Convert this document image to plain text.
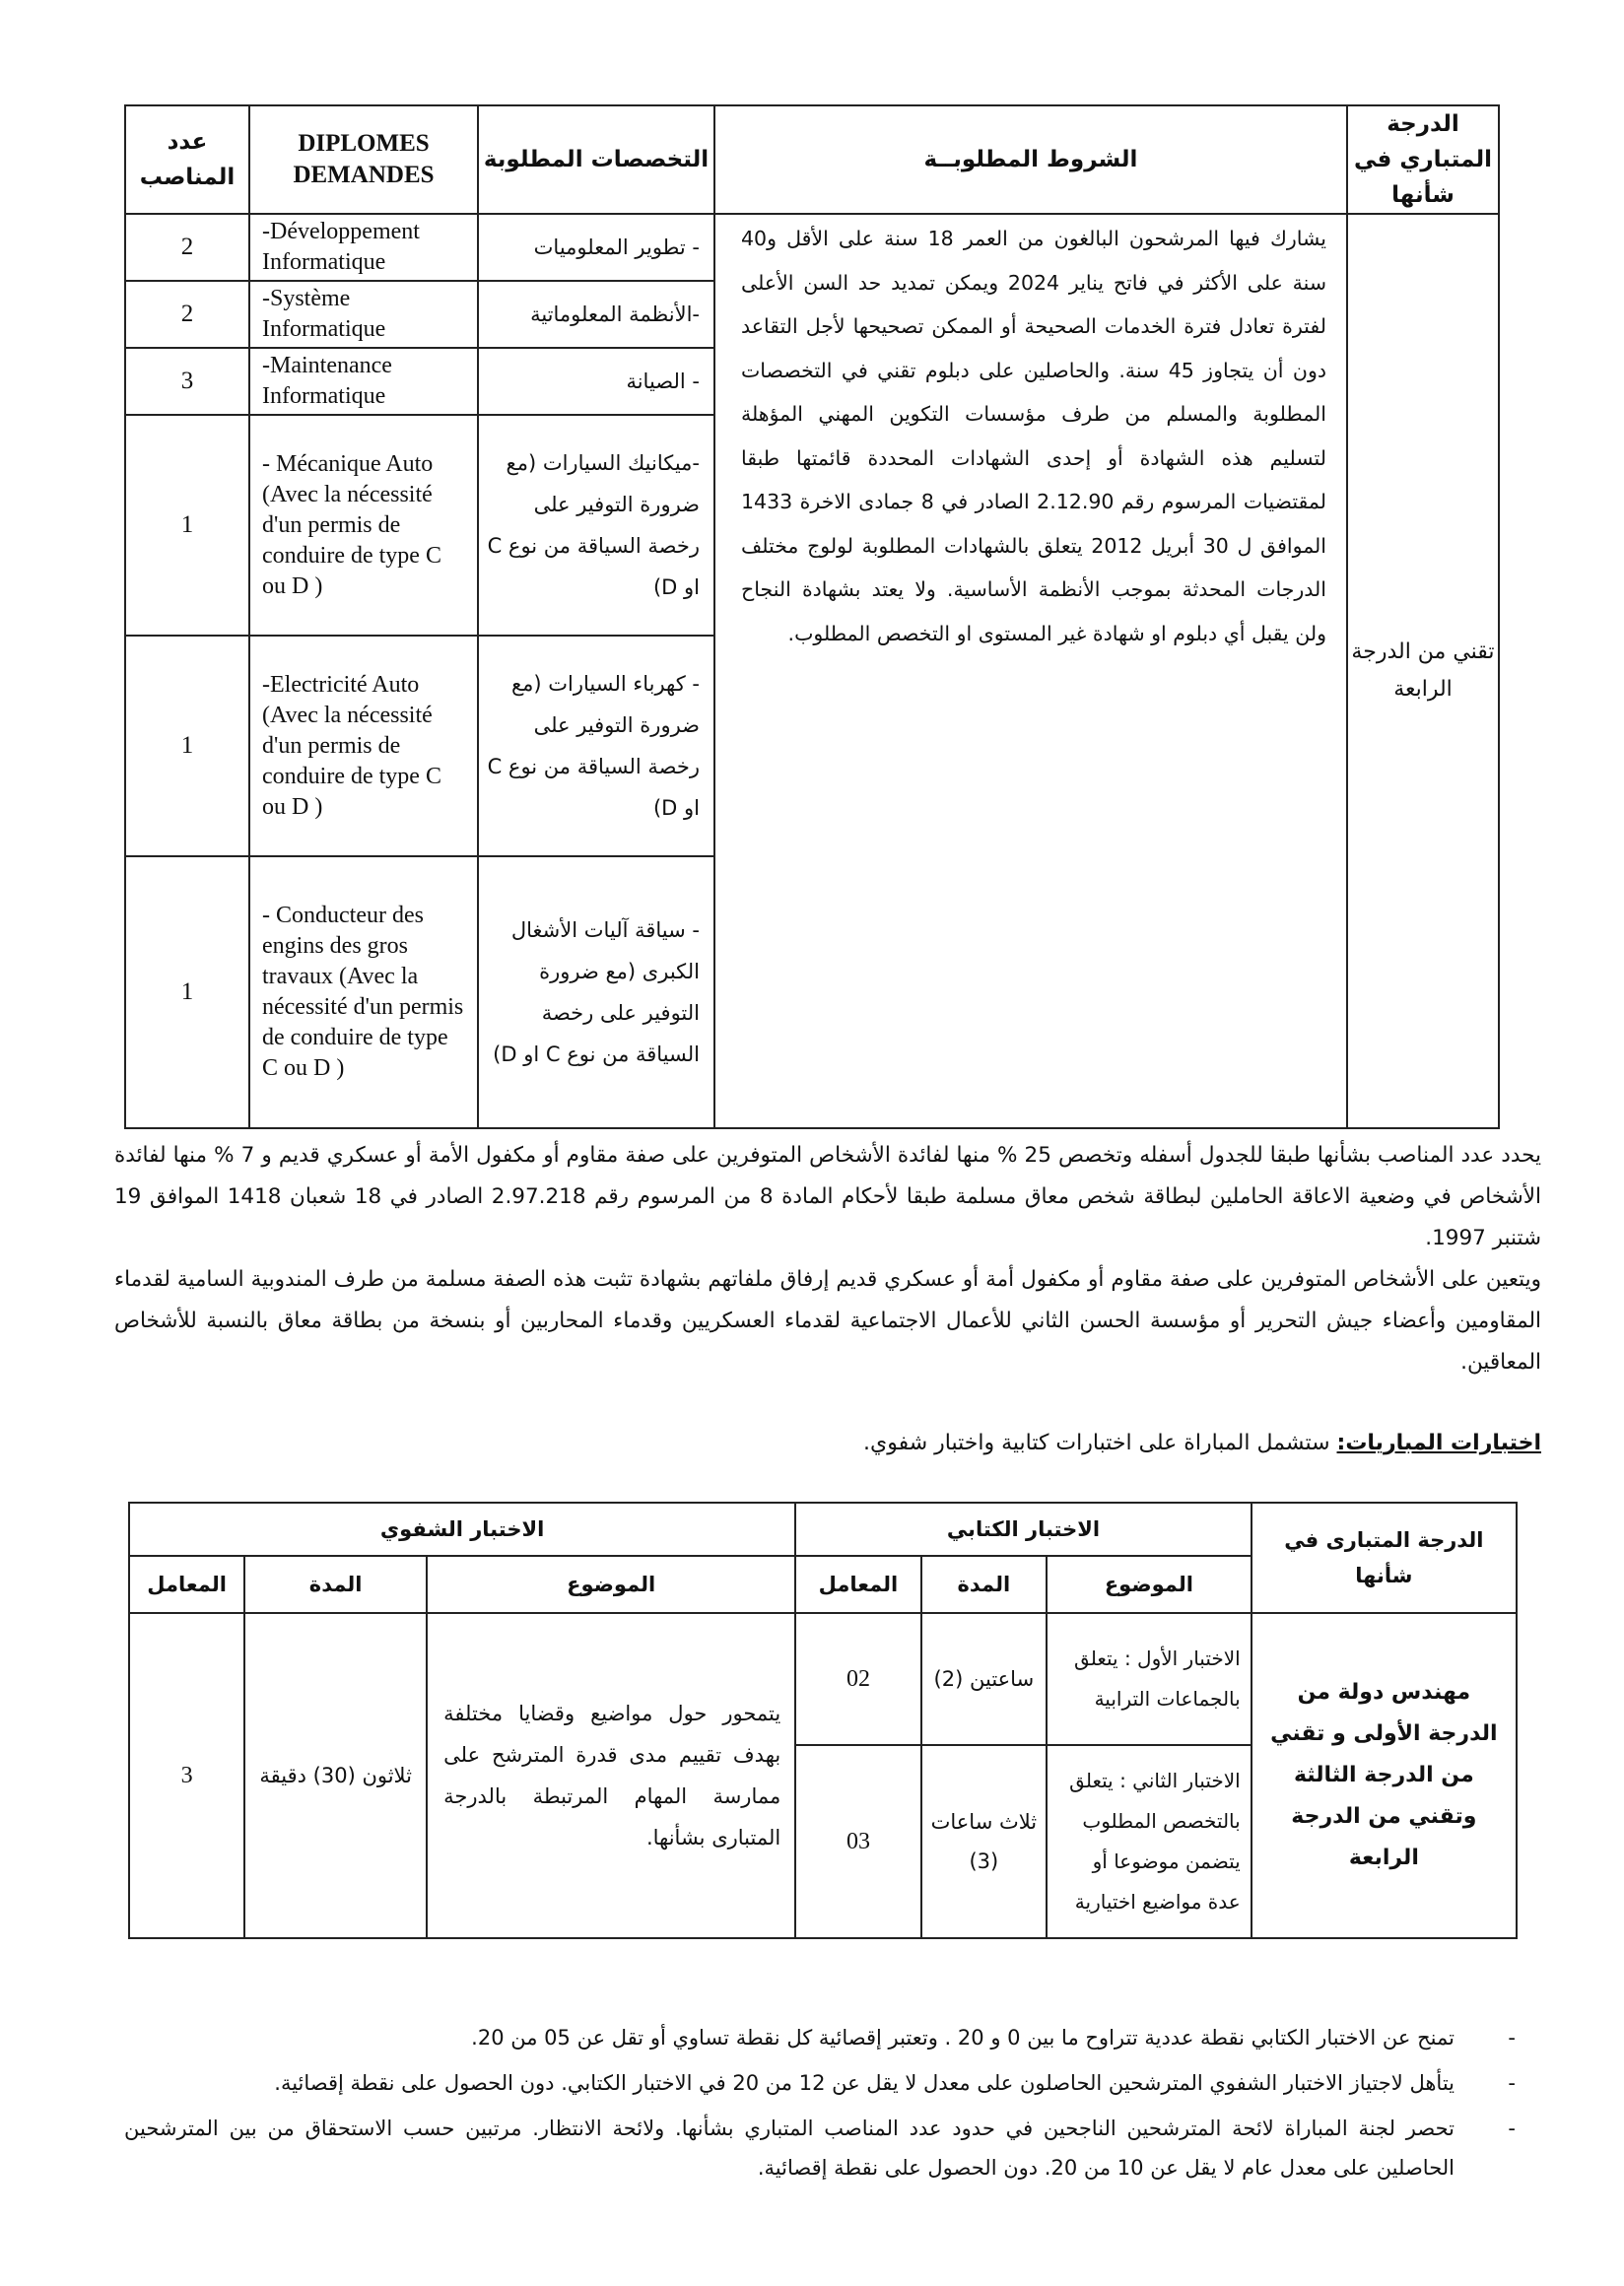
عدد المناصب	DIPLOMES DEMANDES	التخصصات المطلوبة	الشروط المطلوبــة	الدرجة المتباري في شأنها
2	-Développement Informatique	- تطوير المعلوميات	يشارك فيها المرشحون البالغون من العمر 18 سنة على الأقل و40 سنة على الأكثر في فاتح يناير 2024 ويمكن تمديد حد السن الأعلى لفترة تعادل فترة الخدمات الصحيحة أو الممكن تصحيحها لأجل التقاعد دون أن يتجاوز 45 سنة. والحاصلين على دبلوم تقني في التخصصات المطلوبة والمسلم من طرف مؤسسات التكوين المهني المؤهلة لتسليم هذه الشهادة أو إحدى الشهادات المحددة قائمتها طبقا لمقتضيات المرسوم رقم 2.12.90 الصادر في 8 جمادى الاخرة 1433 الموافق ل 30 أبريل 2012 يتعلق بالشهادات المطلوبة لولوج مختلف الدرجات المحدثة بموجب الأنظمة الأساسية. ولا يعتد بشهادة النجاح ولن يقبل أي دبلوم او شهادة غير المستوى او التخصص المطلوب.	تقني من الدرجة الرابعة
2	-Système Informatique	-الأنظمة المعلوماتية		
3	-Maintenance Informatique	- الصيانة		
1	- Mécanique Auto (Avec la nécessité d'un permis de conduire de type C ou D )	-ميكانيك السيارات (مع ضرورة التوفير على رخصة السياقة من نوع C او D)		
1	-Electricité Auto (Avec la nécessité d'un permis de conduire de type C ou D )	- كهرباء السيارات (مع ضرورة التوفير على رخصة السياقة من نوع C او D)		
1	- Conducteur des engins des gros travaux (Avec la nécessité d'un permis de conduire de type C ou D )	- سياقة آليات الأشغال الكبرى (مع ضرورة التوفير على رخصة السياقة من نوع C او D)		
يحدد عدد المناصب بشأنها طبقا للجدول أسفله وتخصص 25 % منها لفائدة الأشخاص المتوفرين على صفة مقاوم أو مكفول الأمة أو عسكري قديم و 7 % منها لفائدة الأشخاص في وضعية الاعاقة الحاملين لبطاقة شخص معاق مسلمة طبقا لأحكام المادة 8 من المرسوم رقم 2.97.218 الصادر في 18 شعبان 1418 الموافق 19 شتنبر 1997.
ويتعين على الأشخاص المتوفرين على صفة مقاوم أو مكفول أمة أو عسكري قديم إرفاق ملفاتهم بشهادة تثبت هذه الصفة مسلمة من طرف المندوبية السامية لقدماء المقاومين وأعضاء جيش التحرير أو مؤسسة الحسن الثاني للأعمال الاجتماعية لقدماء العسكريين وقدماء المحاربين أو بنسخة من بطاقة معاق بالنسبة للأشخاص المعاقين.
اختبارات المباريات: ستشمل المباراة على اختبارات كتابية واختبار شفوي.
الاختبار الشفوي			الاختبار الكتابي			الدرجة المتبارى في شأنها
المعامل	المدة	الموضوع	المعامل	المدة	الموضوع	
3	ثلاثون (30) دقيقة	يتمحور حول مواضيع وقضايا مختلفة بهدف تقييم مدى قدرة المترشح على ممارسة المهام المرتبطة بالدرجة المتبارى بشأنها.	02	ساعتين (2)	الاختبار الأول : يتعلق بالجماعات الترابية	مهندس دولة من الدرجة الأولى و تقني من الدرجة الثالثة وتقني من الدرجة الرابعة
			03	ثلاث ساعات (3)	الاختبار الثاني : يتعلق بالتخصص المطلوب يتضمن موضوعا أو عدة مواضيع اختيارية	
-
تمنح عن الاختبار الكتابي نقطة عددية تتراوح ما بين 0 و 20 . وتعتبر إقصائية كل نقطة تساوي أو تقل عن 05 من 20.
-
يتأهل لاجتياز الاختبار الشفوي المترشحين الحاصلون على معدل لا يقل عن 12 من 20 في الاختبار الكتابي. دون الحصول على نقطة إقصائية.
-
تحصر لجنة المباراة لائحة المترشحين الناجحين في حدود عدد المناصب المتباري بشأنها. ولائحة الانتظار. مرتبين حسب الاستحقاق من بين المترشحين الحاصلين على معدل عام لا يقل عن 10 من 20. دون الحصول على نقطة إقصائية.
